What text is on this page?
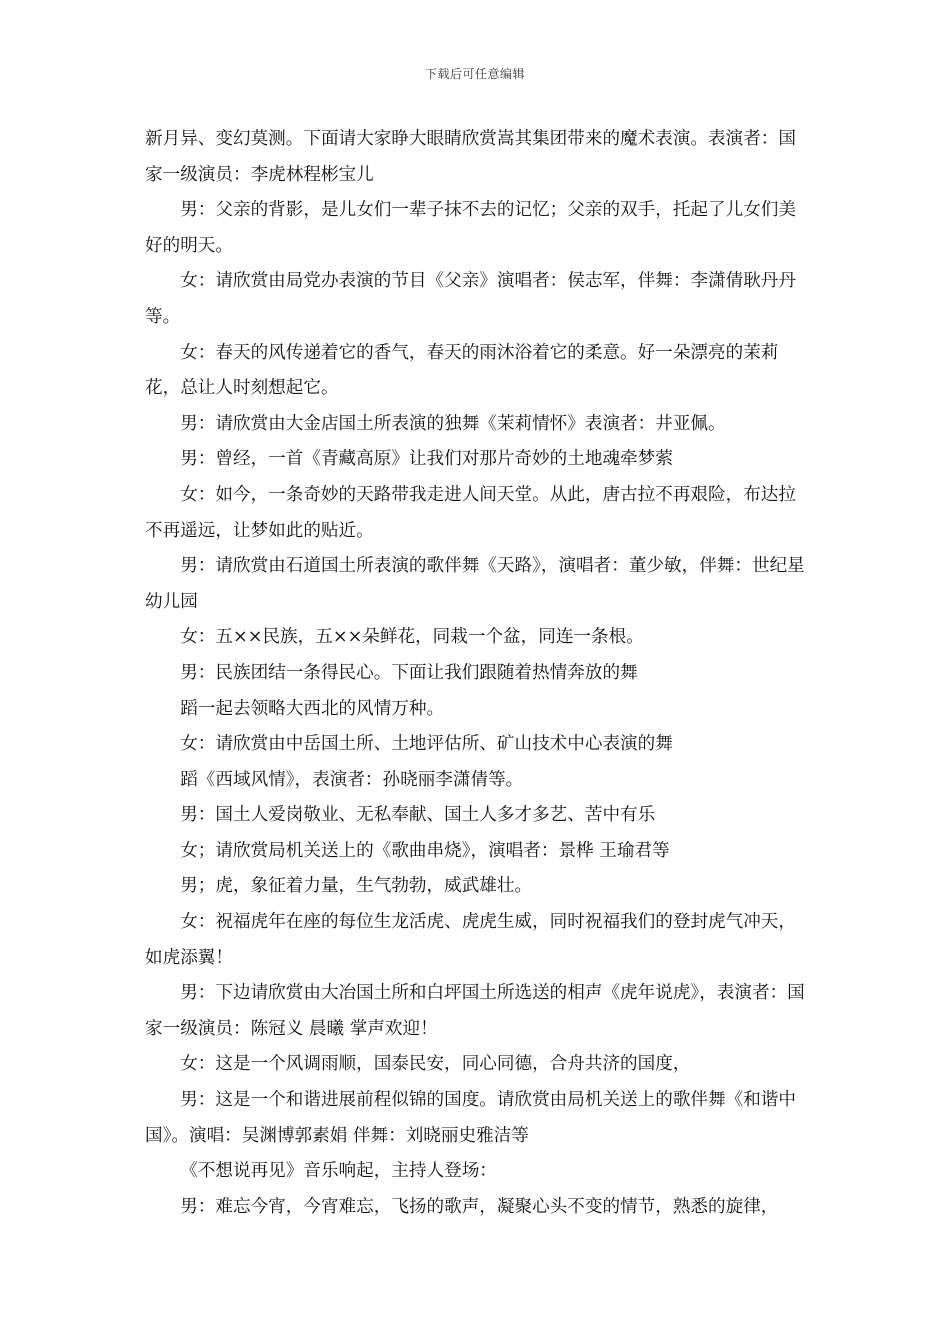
下载后可任意编辑

新月异、变幻莫测。下面请大家睁大眼睛欣赏嵩其集团带来的魔术表演。表演者：国家一级演员：李虎林程彬宝儿

男：父亲的背影，是儿女们一辈子抹不去的记忆；父亲的双手，托起了儿女们美好的明天。

女：请欣赏由局党办表演的节目《父亲》演唱者：侯志军，伴舞：李潇倩耿丹丹等。

女：春天的风传递着它的香气，春天的雨沐浴着它的柔意。好一朵漂亮的茉莉花，总让人时刻想起它。

男：请欣赏由大金店国土所表演的独舞《茉莉情怀》表演者：井亚佩。

男：曾经，一首《青藏高原》让我们对那片奇妙的土地魂牵梦萦

女：如今，一条奇妙的天路带我走进人间天堂。从此，唐古拉不再艰险，布达拉不再遥远，让梦如此的贴近。

男：请欣赏由石道国土所表演的歌伴舞《天路》，演唱者：董少敏，伴舞：世纪星幼儿园

女：五××民族，五××朵鲜花，同栽一个盆，同连一条根。

男：民族团结一条得民心。下面让我们跟随着热情奔放的舞

蹈一起去领略大西北的风情万种。

女：请欣赏由中岳国土所、土地评估所、矿山技术中心表演的舞

蹈《西域风情》，表演者：孙晓丽李潇倩等。

男：国土人爱岗敬业、无私奉献、国土人多才多艺、苦中有乐

女；请欣赏局机关送上的《歌曲串烧》，演唱者：景桦 王瑜君等

男；虎，象征着力量，生气勃勃，威武雄壮。

女：祝福虎年在座的每位生龙活虎、虎虎生威，同时祝福我们的登封虎气冲天，如虎添翼！

男：下边请欣赏由大冶国土所和白坪国土所选送的相声《虎年说虎》，表演者：国家一级演员：陈冠义 晨曦 掌声欢迎！

女：这是一个风调雨顺，国泰民安，同心同德，合舟共济的国度，

男：这是一个和谐进展前程似锦的国度。请欣赏由局机关送上的歌伴舞《和谐中国》。演唱：吴渊博郭素娟 伴舞：刘晓丽史雅洁等

《不想说再见》音乐响起，主持人登场：

男：难忘今宵，今宵难忘，飞扬的歌声，凝聚心头不变的情节，熟悉的旋律，
